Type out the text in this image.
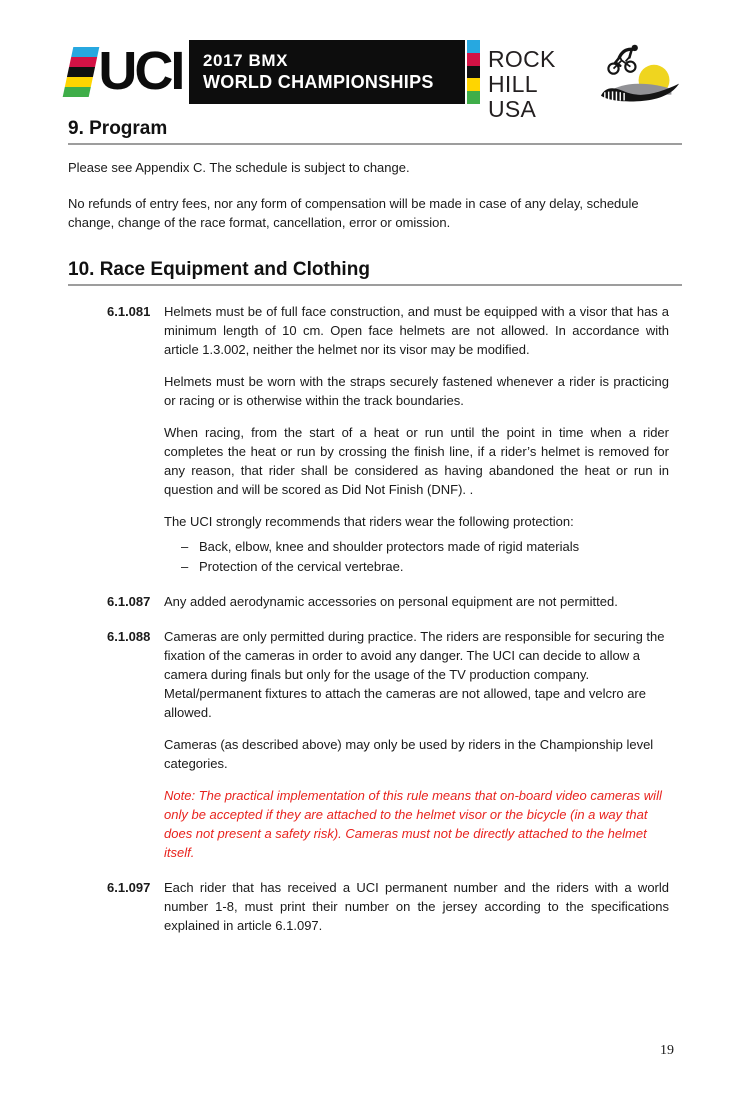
UCI 2017 BMX
WORLD CHAMPIONSHIPS
ROCK HILL
USA
9. Program

Please see Appendix C. The schedule is subject to change.

No refunds of entry fees, nor any form of compensation will be made in case of any delay, schedule change, change of the race format, cancellation, error or omission.

10. Race Equipment and Clothing
6.1.081	Helmets must be of full face construction, and must be equipped with a visor that has a minimum length of 10 cm. Open face helmets are not allowed. In accordance with article 1.3.002, neither the helmet nor its visor may be modified.

Helmets must be worn with the straps securely fastened whenever a rider is practicing or racing or is otherwise within the track boundaries.

When racing, from the start of a heat or run until the point in time when a rider completes the heat or run by crossing the finish line, if a rider’s helmet is removed for any reason, that rider shall be considered as having abandoned the heat or run in question and will be scored as Did Not Finish (DNF). .

The UCI strongly recommends that riders wear the following protection:

– Back, elbow, knee and shoulder protectors made of rigid materials
– Protection of the cervical vertebrae.
6.1.087	Any added aerodynamic accessories on personal equipment are not permitted.

6.1.088	Cameras are only permitted during practice. The riders are responsible for securing the fixation of the cameras in order to avoid any danger. The UCI can decide to allow a camera during finals but only for the usage of the TV production company. Metal/permanent fixtures to attach the cameras are not allowed, tape and velcro are allowed.

Cameras (as described above) may only be used by riders in the Championship level categories.

Note: The practical implementation of this rule means that on-board video cameras will only be accepted if they are attached to the helmet visor or the bicycle (in a way that does not present a safety risk). Cameras must not be directly attached to the helmet itself.

6.1.097	Each rider that has received a UCI permanent number and the riders with a world number 1-8, must print their number on the jersey according to the specifications explained in article 6.1.097.

19
